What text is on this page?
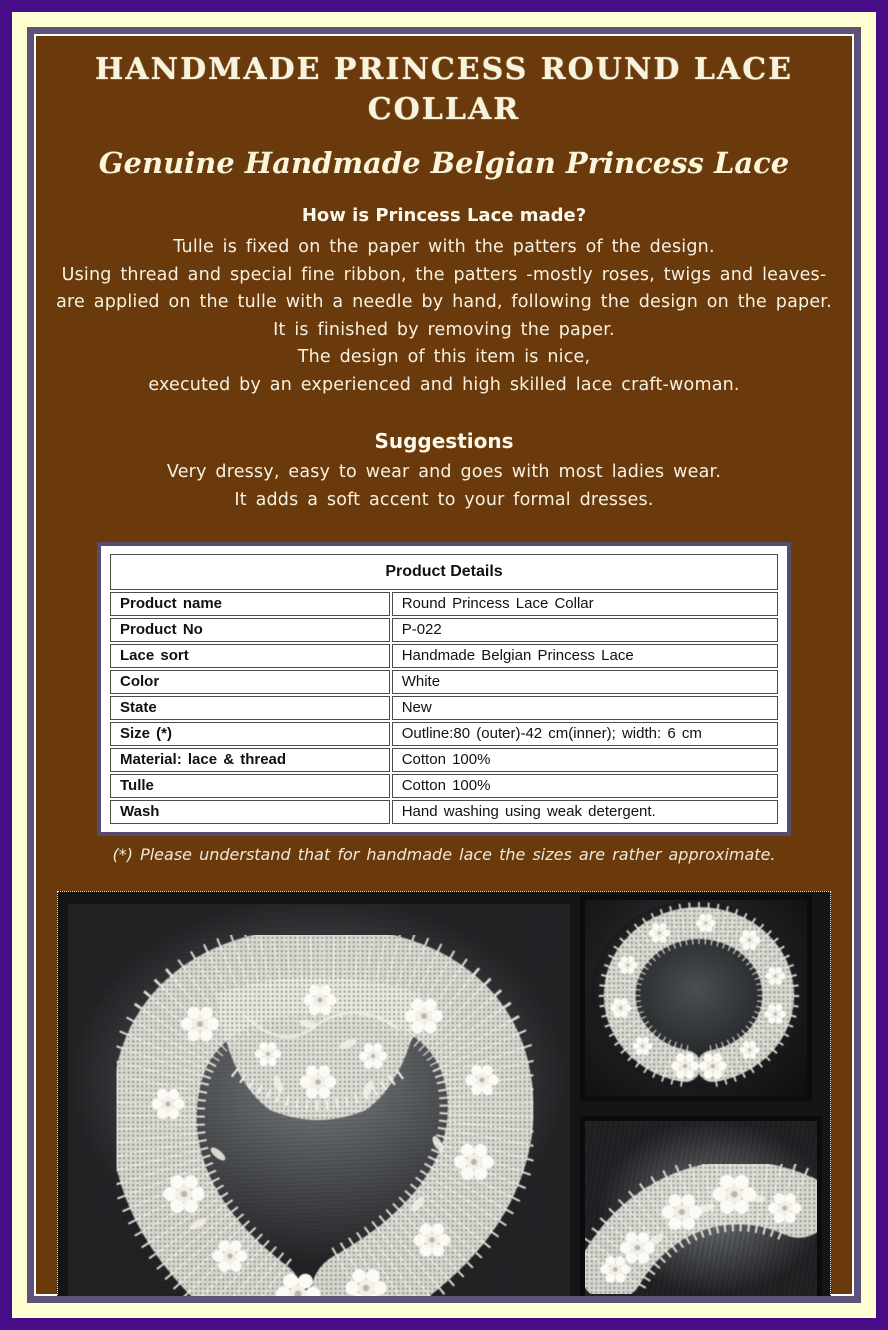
HANDMADE PRINCESS ROUND LACE COLLAR
Genuine Handmade Belgian Princess Lace
How is Princess Lace made?
Tulle is fixed on the paper with the patters of the design.
Using thread and special fine ribbon, the patters -mostly roses, twigs and leaves-
are applied on the tulle with a needle by hand, following the design on the paper.
It is finished by removing the paper.
The design of this item is nice,
executed by an experienced and high skilled lace craft-woman.
Suggestions
Very dressy, easy to wear and goes with most ladies wear.
It adds a soft accent to your formal dresses.
Product Details	
Product name	Round Princess Lace Collar
Product No	P-022
Lace sort	Handmade Belgian Princess Lace
Color	White
State	New
Size (*)	Outline:80 (outer)-42 cm(inner); width: 6 cm
Material: lace & thread	Cotton 100%
Tulle	Cotton 100%
Wash	Hand washing using weak detergent.
(*) Please understand that for handmade lace the sizes are rather approximate.
